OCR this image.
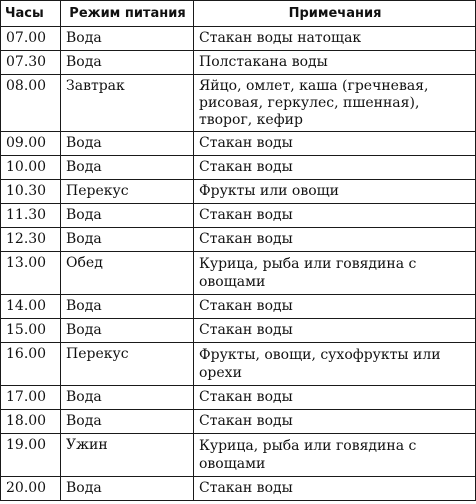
Часы	Режим питания	Примечания
07.00	Вода	Стакан воды натощак
07.30	Вода	Полстакана воды
08.00	Завтрак	Яйцо, омлет, каша (гречневая, рисовая, геркулес, пшенная), творог, кефир
09.00	Вода	Стакан воды
10.00	Вода	Стакан воды
10.30	Перекус	Фрукты или овощи
11.30	Вода	Стакан воды
12.30	Вода	Стакан воды
13.00	Обед	Курица, рыба или говядина с овощами
14.00	Вода	Стакан воды
15.00	Вода	Стакан воды
16.00	Перекус	Фрукты, овощи, сухофрукты или орехи
17.00	Вода	Стакан воды
18.00	Вода	Стакан воды
19.00	Ужин	Курица, рыба или говядина с овощами
20.00	Вода	Стакан воды
